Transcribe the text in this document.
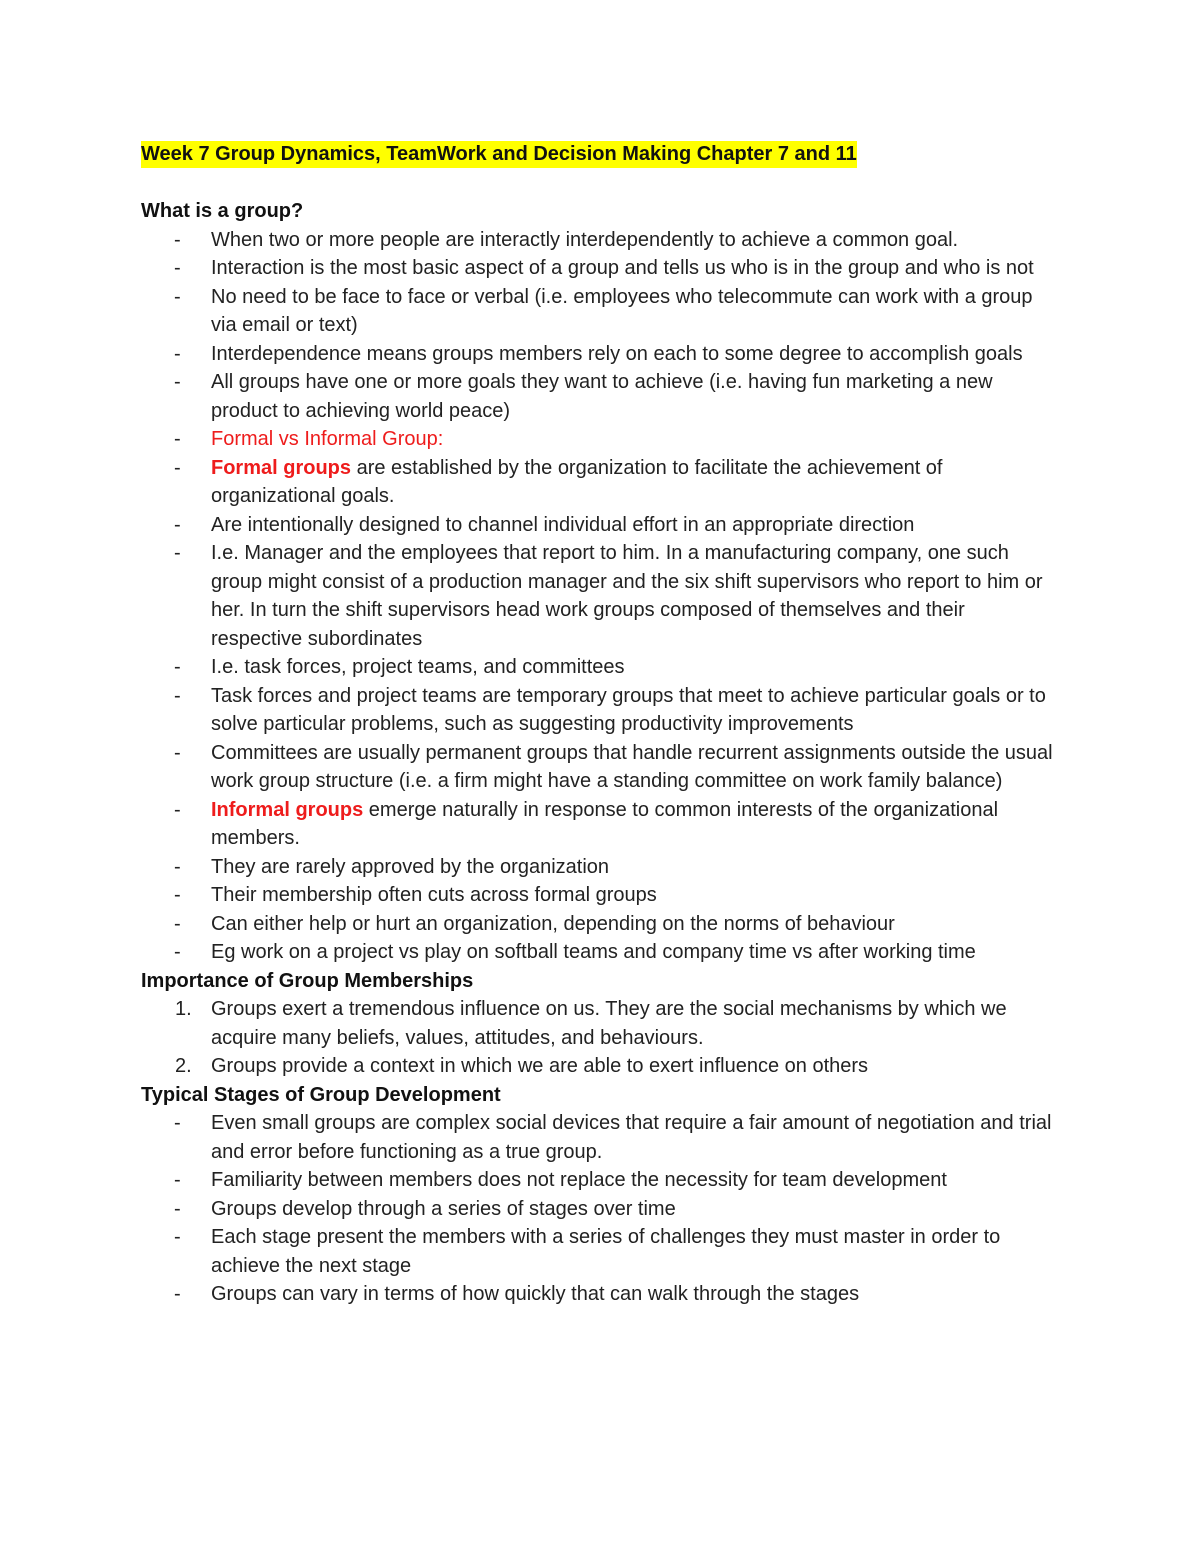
Week 7 Group Dynamics, TeamWork and Decision Making Chapter 7 and 11
What is a group?
- When two or more people are interactly interdependently to achieve a common goal.
- Interaction is the most basic aspect of a group and tells us who is in the group and who is not
- No need to be face to face or verbal (i.e. employees who telecommute can work with a group via email or text)
- Interdependence means groups members rely on each to some degree to accomplish goals
- All groups have one or more goals they want to achieve (i.e. having fun marketing a new product to achieving world peace)
- Formal vs Informal Group:
- Formal groups are established by the organization to facilitate the achievement of organizational goals.
- Are intentionally designed to channel individual effort in an appropriate direction
- I.e. Manager and the employees that report to him. In a manufacturing company, one such group might consist of a production manager and the six shift supervisors who report to him or her. In turn the shift supervisors head work groups composed of themselves and their respective subordinates
- I.e. task forces, project teams, and committees
- Task forces and project teams are temporary groups that meet to achieve particular goals or to solve particular problems, such as suggesting productivity improvements
- Committees are usually permanent groups that handle recurrent assignments outside the usual work group structure (i.e. a firm might have a standing committee on work family balance)
- Informal groups emerge naturally in response to common interests of the organizational members.
- They are rarely approved by the organization
- Their membership often cuts across formal groups
- Can either help or hurt an organization, depending on the norms of behaviour
- Eg work on a project vs play on softball teams and company time vs after working time
Importance of Group Memberships
1. Groups exert a tremendous influence on us. They are the social mechanisms by which we acquire many beliefs, values, attitudes, and behaviours.
2. Groups provide a context in which we are able to exert influence on others
Typical Stages of Group Development
- Even small groups are complex social devices that require a fair amount of negotiation and trial and error before functioning as a true group.
- Familiarity between members does not replace the necessity for team development
- Groups develop through a series of stages over time
- Each stage present the members with a series of challenges they must master in order to achieve the next stage
- Groups can vary in terms of how quickly that can walk through the stages
